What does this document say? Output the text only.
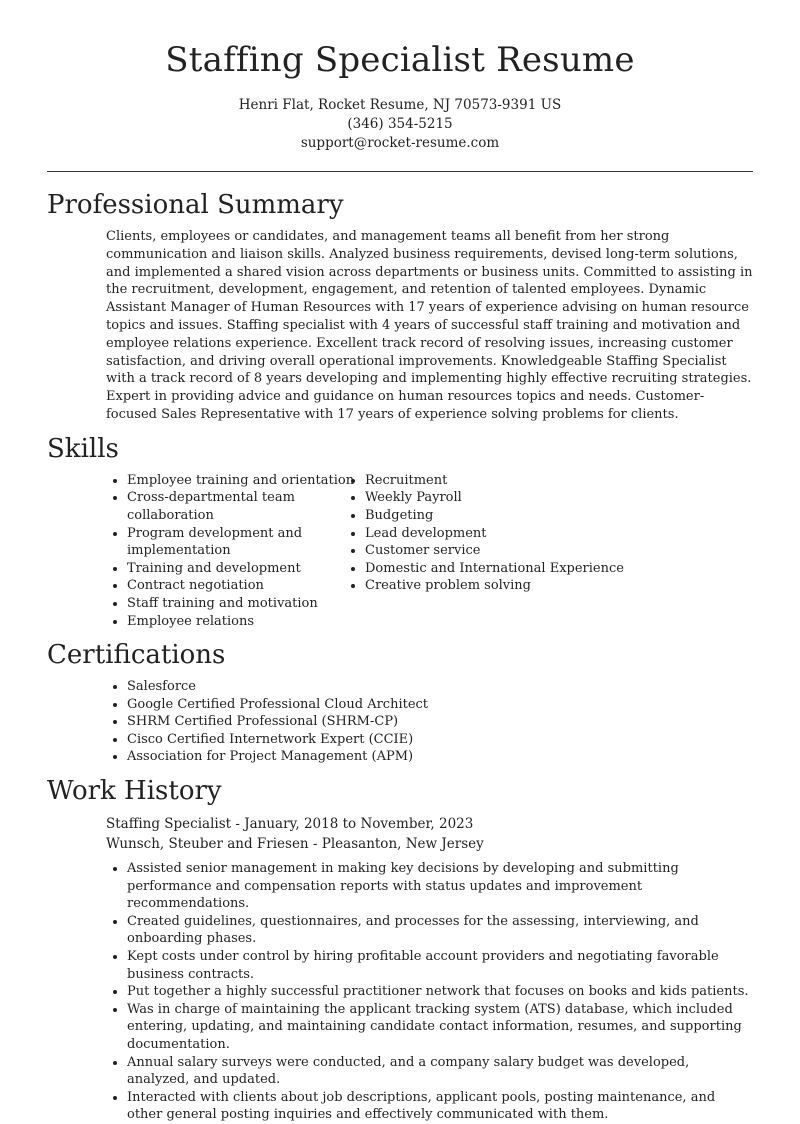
Staffing Specialist Resume
Henri Flat, Rocket Resume, NJ 70573-9391 US
(346) 354-5215
support@rocket-resume.com
Professional Summary

Clients, employees or candidates, and management teams all benefit from her strong communication and liaison skills. Analyzed business requirements, devised long-term solutions, and implemented a shared vision across departments or business units. Committed to assisting in the recruitment, development, engagement, and retention of talented employees. Dynamic Assistant Manager of Human Resources with 17 years of experience advising on human resource topics and issues. Staffing specialist with 4 years of successful staff training and motivation and employee relations experience. Excellent track record of resolving issues, increasing customer satisfaction, and driving overall operational improvements. Knowledgeable Staffing Specialist with a track record of 8 years developing and implementing highly effective recruiting strategies. Expert in providing advice and guidance on human resources topics and needs. Customer-focused Sales Representative with 17 years of experience solving problems for clients.

Skills
• Employee training and orientation
• Cross-departmental team collaboration
• Program development and implementation
• Training and development
• Contract negotiation
• Staff training and motivation
• Employee relations
• Recruitment
• Weekly Payroll
• Budgeting
• Lead development
• Customer service
• Domestic and International Experience
• Creative problem solving
Certifications
• Salesforce
• Google Certified Professional Cloud Architect
• SHRM Certified Professional (SHRM-CP)
• Cisco Certified Internetwork Expert (CCIE)
• Association for Project Management (APM)
Work History
Staffing Specialist - January, 2018 to November, 2023
Wunsch, Steuber and Friesen - Pleasanton, New Jersey
• Assisted senior management in making key decisions by developing and submitting performance and compensation reports with status updates and improvement recommendations.
• Created guidelines, questionnaires, and processes for the assessing, interviewing, and onboarding phases.
• Kept costs under control by hiring profitable account providers and negotiating favorable business contracts.
• Put together a highly successful practitioner network that focuses on books and kids patients.
• Was in charge of maintaining the applicant tracking system (ATS) database, which included entering, updating, and maintaining candidate contact information, resumes, and supporting documentation.
• Annual salary surveys were conducted, and a company salary budget was developed, analyzed, and updated.
• Interacted with clients about job descriptions, applicant pools, posting maintenance, and other general posting inquiries and effectively communicated with them.
